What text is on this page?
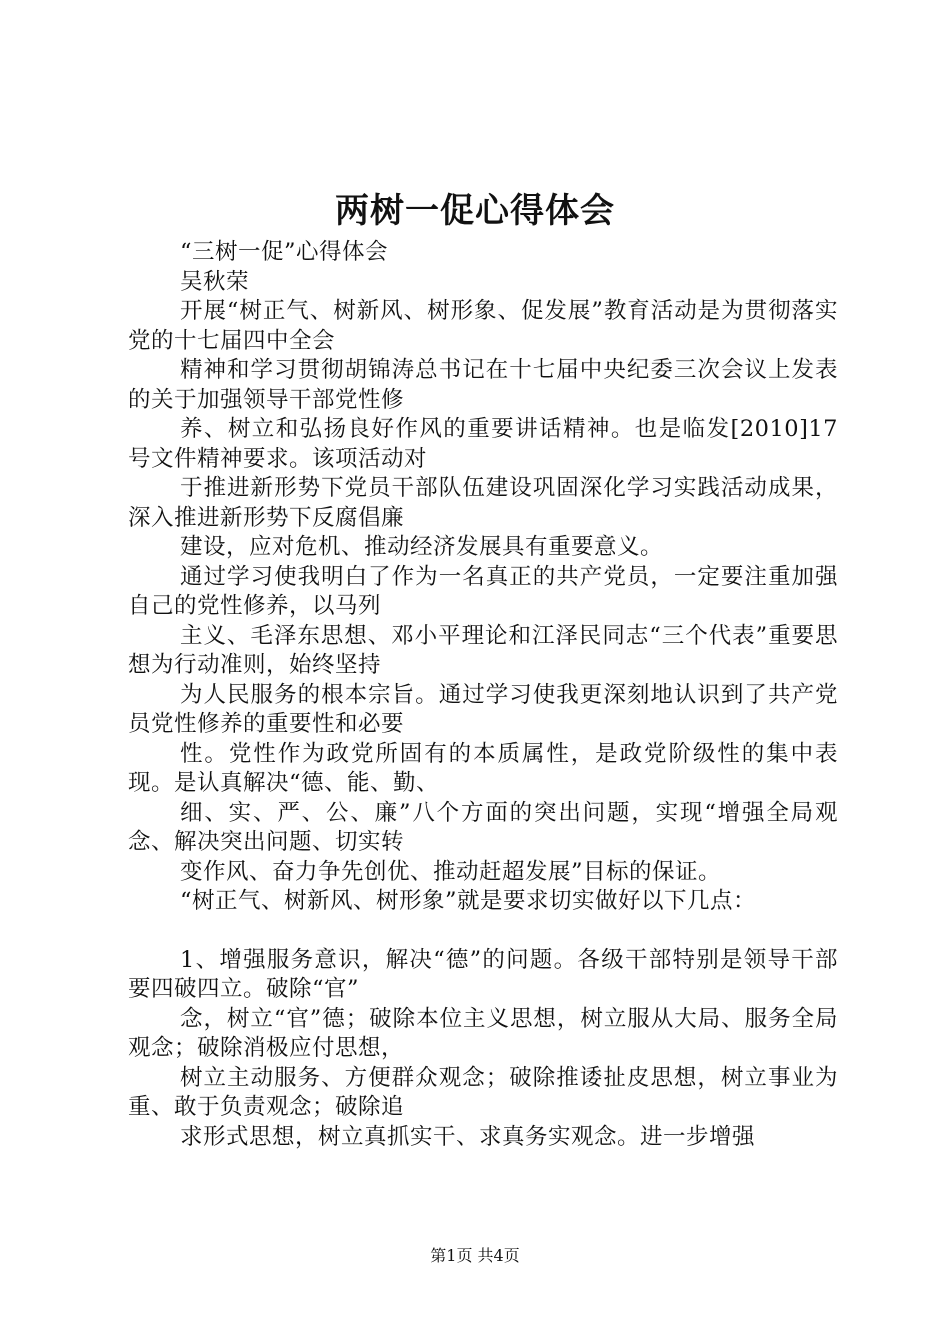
两树一促心得体会

“三树一促”心得体会

吴秋荣

开展“树正气、树新风、树形象、促发展”教育活动是为贯彻落实党的十七届四中全会

精神和学习贯彻胡锦涛总书记在十七届中央纪委三次会议上发表的关于加强领导干部党性修

养、树立和弘扬良好作风的重要讲话精神。也是临发[2010]17号文件精神要求。该项活动对

于推进新形势下党员干部队伍建设巩固深化学习实践活动成果，深入推进新形势下反腐倡廉

建设，应对危机、推动经济发展具有重要意义。

通过学习使我明白了作为一名真正的共产党员，一定要注重加强自己的党性修养，以马列

主义、毛泽东思想、邓小平理论和江泽民同志“三个代表”重要思想为行动准则，始终坚持

为人民服务的根本宗旨。通过学习使我更深刻地认识到了共产党员党性修养的重要性和必要

性。党性作为政党所固有的本质属性，是政党阶级性的集中表现。是认真解决“德、能、勤、

细、实、严、公、廉”八个方面的突出问题，实现“增强全局观念、解决突出问题、切实转

变作风、奋力争先创优、推动赶超发展”目标的保证。

“树正气、树新风、树形象”就是要求切实做好以下几点：

1、增强服务意识，解决“德”的问题。各级干部特别是领导干部要四破四立。破除“官”

念，树立“官”德；破除本位主义思想，树立服从大局、服务全局观念；破除消极应付思想，

树立主动服务、方便群众观念；破除推诿扯皮思想，树立事业为重、敢于负责观念；破除追

求形式思想，树立真抓实干、求真务实观念。进一步增强

第1页 共4页
